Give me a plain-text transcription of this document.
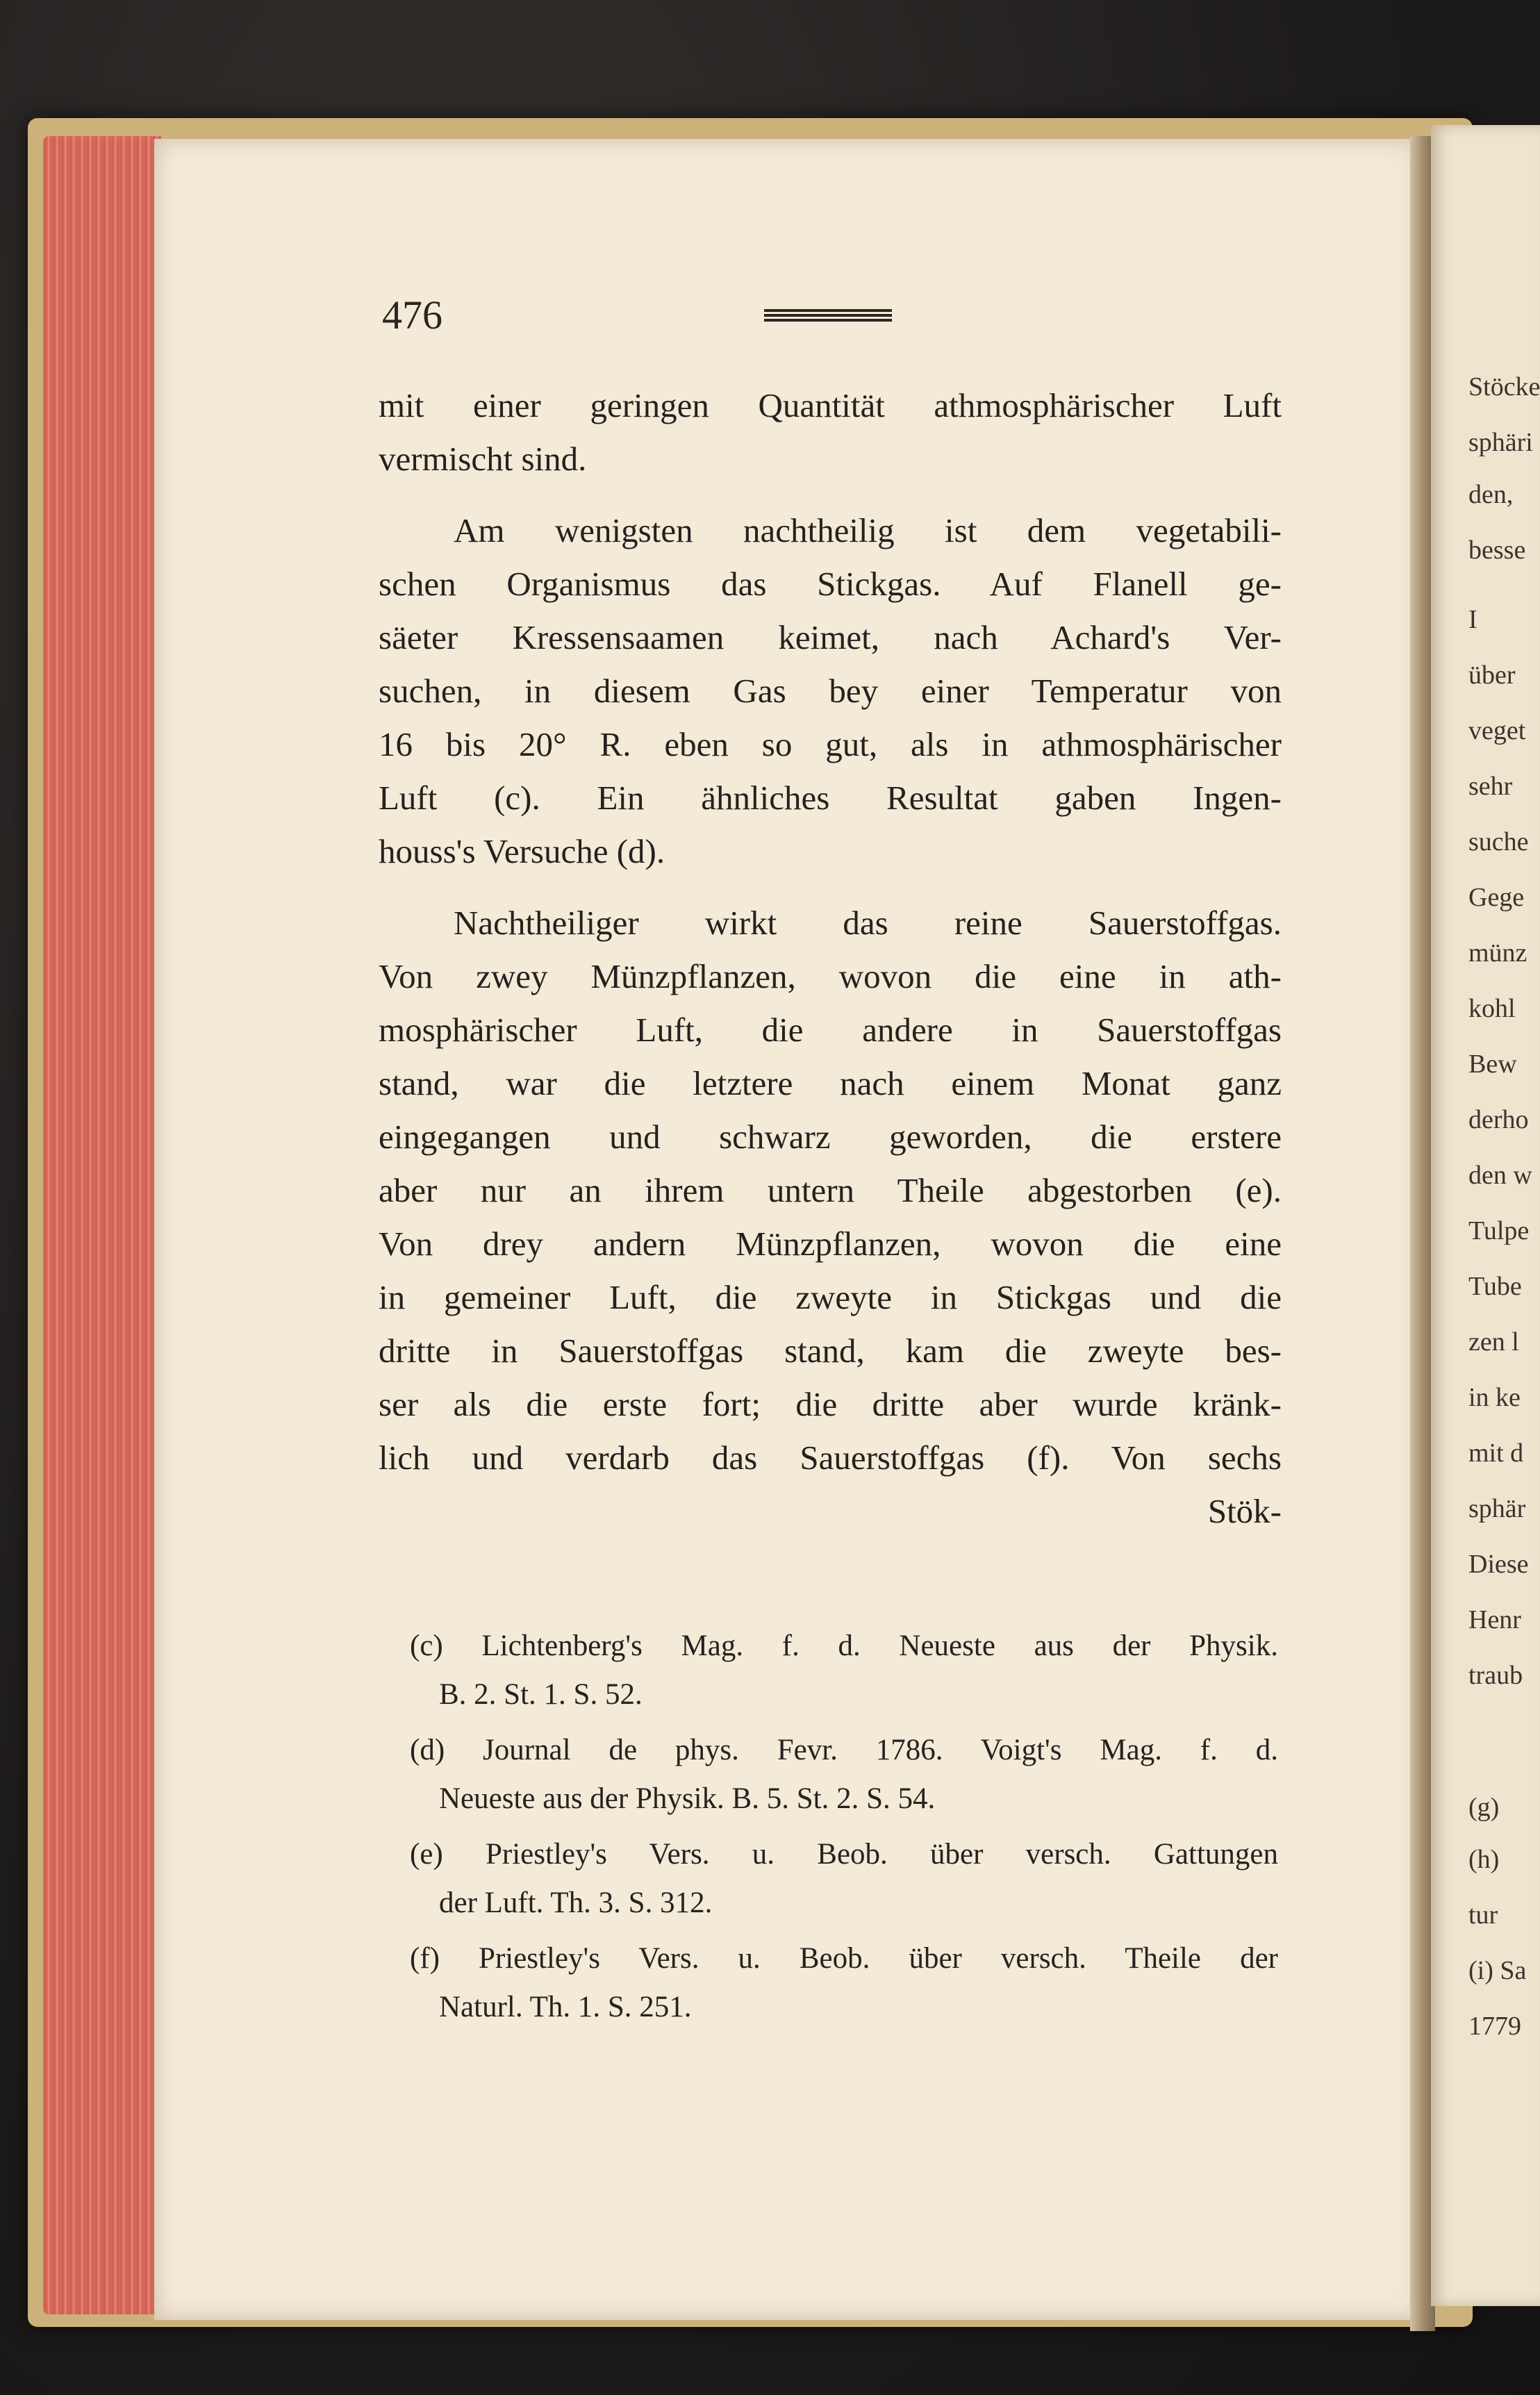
476

mit einer geringen Quantität athmosphärischer Luft
vermischt sind.

Am wenigsten nachtheilig ist dem vegetabili-
schen Organismus das Stickgas. Auf Flanell ge-
säeter Kressensaamen keimet, nach Achard's Ver-
suchen, in diesem Gas bey einer Temperatur von
16 bis 20° R. eben so gut, als in athmosphärischer
Luft (c). Ein ähnliches Resultat gaben Ingen-
houss's Versuche (d).

Nachtheiliger wirkt das reine Sauerstoffgas.
Von zwey Münzpflanzen, wovon die eine in ath-
mosphärischer Luft, die andere in Sauerstoffgas
stand, war die letztere nach einem Monat ganz
eingegangen und schwarz geworden, die erstere
aber nur an ihrem untern Theile abgestorben (e).
Von drey andern Münzpflanzen, wovon die eine
in gemeiner Luft, die zweyte in Stickgas und die
dritte in Sauerstoffgas stand, kam die zweyte bes-
ser als die erste fort; die dritte aber wurde kränk-
lich und verdarb das Sauerstoffgas (f). Von sechs

Stök-
(c) Lichtenberg's Mag. f. d. Neueste aus der Physik.
B. 2. St. 1. S. 52.
(d) Journal de phys. Fevr. 1786. Voigt's Mag. f. d.
Neueste aus der Physik. B. 5. St. 2. S. 54.
(e) Priestley's Vers. u. Beob. über versch. Gattungen
der Luft. Th. 3. S. 312.
(f) Priestley's Vers. u. Beob. über versch. Theile der
Naturl. Th. 1. S. 251.
Stöcke
sphäri
den,
besse
I
über
veget
sehr
suche
Gege
münz
kohl
Bew
derho
den w
Tulpe
Tube
zen l
in ke
mit d
sphär
Diese
Henr
traub
(g)
(h)
tur
(i) Sa
1779
